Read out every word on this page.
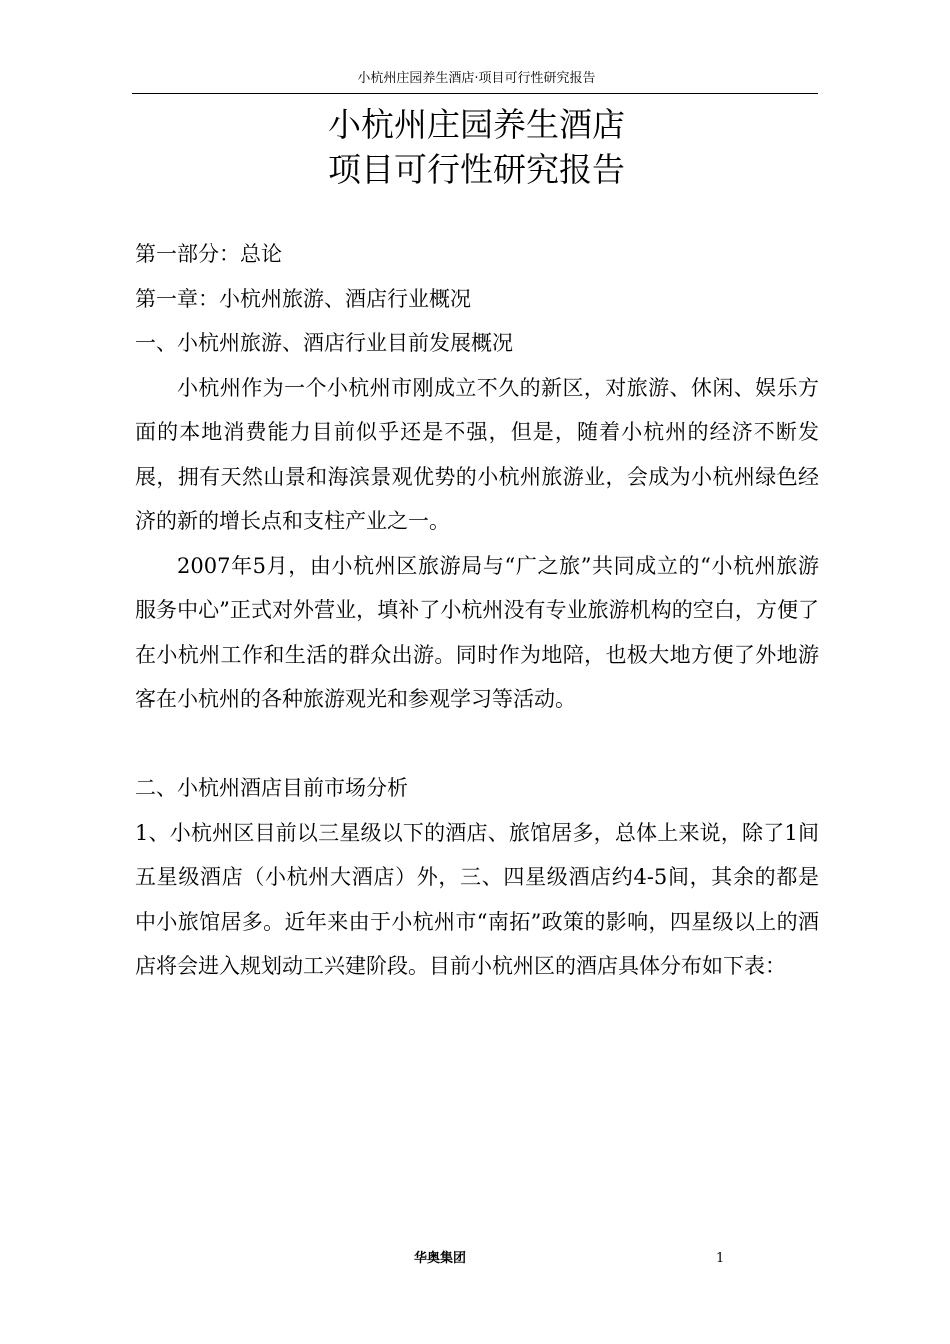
小杭州庄园养生酒店·项目可行性研究报告
小杭州庄园养生酒店
项目可行性研究报告

第一部分：总论

第一章：小杭州旅游、酒店行业概况

一、小杭州旅游、酒店行业目前发展概况

小杭州作为一个小杭州市刚成立不久的新区，对旅游、休闲、娱乐方面的本地消费能力目前似乎还是不强，但是，随着小杭州的经济不断发展，拥有天然山景和海滨景观优势的小杭州旅游业，会成为小杭州绿色经济的新的增长点和支柱产业之一。

2007年5月，由小杭州区旅游局与“广之旅”共同成立的“小杭州旅游服务中心”正式对外营业，填补了小杭州没有专业旅游机构的空白，方便了在小杭州工作和生活的群众出游。同时作为地陪，也极大地方便了外地游客在小杭州的各种旅游观光和参观学习等活动。

二、小杭州酒店目前市场分析

1、小杭州区目前以三星级以下的酒店、旅馆居多，总体上来说，除了1间五星级酒店（小杭州大酒店）外，三、四星级酒店约4-5间，其余的都是中小旅馆居多。近年来由于小杭州市“南拓”政策的影响，四星级以上的酒店将会进入规划动工兴建阶段。目前小杭州区的酒店具体分布如下表：

华奥集团	1
